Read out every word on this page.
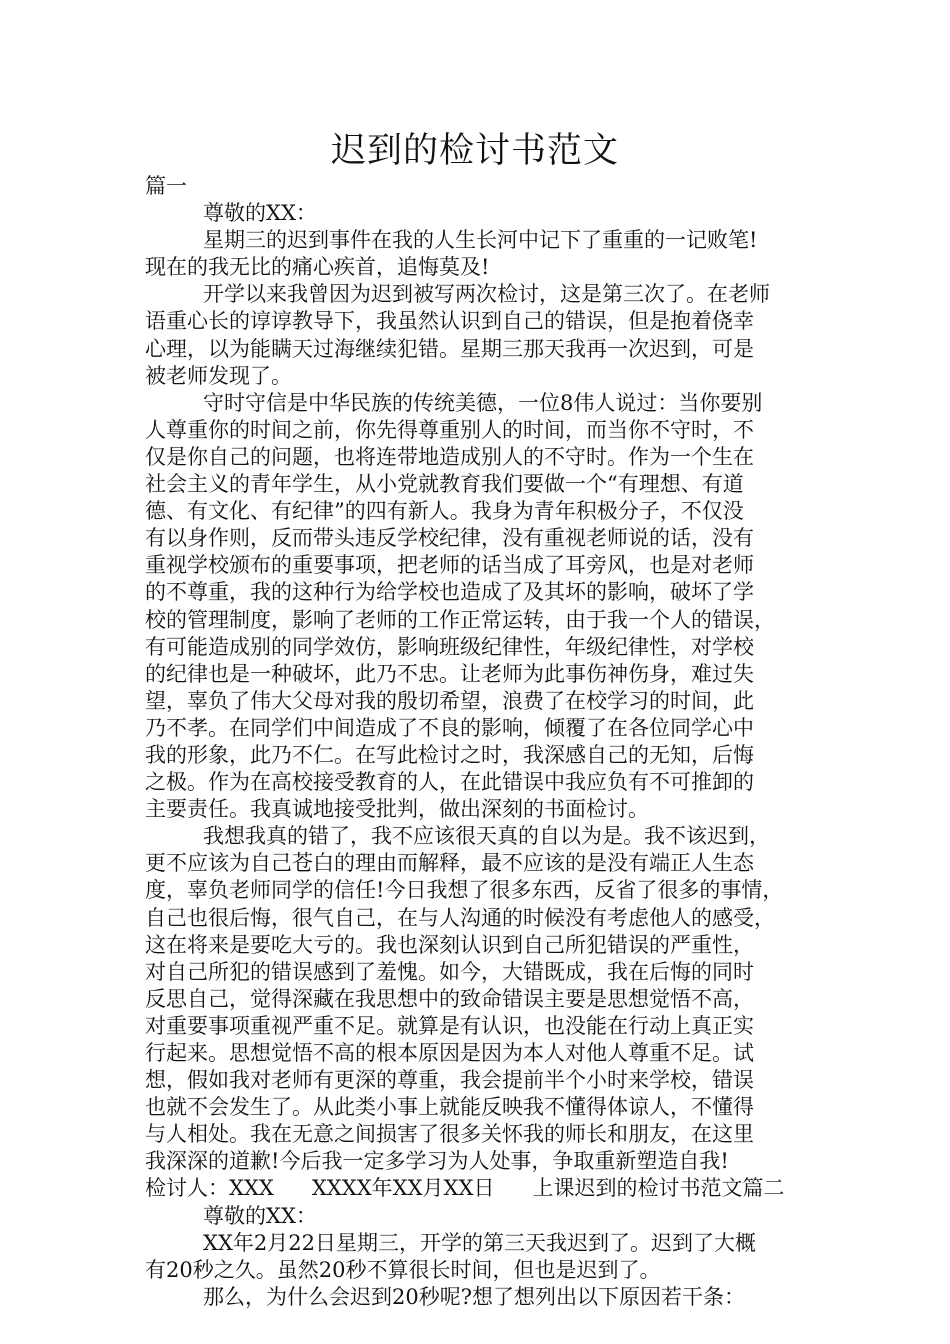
迟到的检讨书范文
篇一
尊敬的XX：
星期三的迟到事件在我的人生长河中记下了重重的一记败笔!
现在的我无比的痛心疾首，追悔莫及!
开学以来我曾因为迟到被写两次检讨，这是第三次了。在老师
语重心长的谆谆教导下，我虽然认识到自己的错误，但是抱着侥幸
心理，以为能瞒天过海继续犯错。星期三那天我再一次迟到，可是
被老师发现了。
守时守信是中华民族的传统美德，一位8伟人说过：当你要别
人尊重你的时间之前，你先得尊重别人的时间，而当你不守时，不
仅是你自己的问题，也将连带地造成别人的不守时。作为一个生在
社会主义的青年学生，从小党就教育我们要做一个“有理想、有道
德、有文化、有纪律”的四有新人。我身为青年积极分子，不仅没
有以身作则，反而带头违反学校纪律，没有重视老师说的话，没有
重视学校颁布的重要事项，把老师的话当成了耳旁风，也是对老师
的不尊重，我的这种行为给学校也造成了及其坏的影响，破坏了学
校的管理制度，影响了老师的工作正常运转，由于我一个人的错误，
有可能造成别的同学效仿，影响班级纪律性，年级纪律性，对学校
的纪律也是一种破坏，此乃不忠。让老师为此事伤神伤身，难过失
望，辜负了伟大父母对我的殷切希望，浪费了在校学习的时间，此
乃不孝。在同学们中间造成了不良的影响，倾覆了在各位同学心中
我的形象，此乃不仁。在写此检讨之时，我深感自己的无知，后悔
之极。作为在高校接受教育的人，在此错误中我应负有不可推卸的
主要责任。我真诚地接受批判，做出深刻的书面检讨。
我想我真的错了，我不应该很天真的自以为是。我不该迟到，
更不应该为自己苍白的理由而解释，最不应该的是没有端正人生态
度，辜负老师同学的信任!今日我想了很多东西，反省了很多的事情，
自己也很后悔，很气自己，在与人沟通的时候没有考虑他人的感受，
这在将来是要吃大亏的。我也深刻认识到自己所犯错误的严重性，
对自己所犯的错误感到了羞愧。如今，大错既成，我在后悔的同时
反思自己，觉得深藏在我思想中的致命错误主要是思想觉悟不高，
对重要事项重视严重不足。就算是有认识，也没能在行动上真正实
行起来。思想觉悟不高的根本原因是因为本人对他人尊重不足。试
想，假如我对老师有更深的尊重，我会提前半个小时来学校，错误
也就不会发生了。从此类小事上就能反映我不懂得体谅人，不懂得
与人相处。我在无意之间损害了很多关怀我的师长和朋友，在这里
我深深的道歉!今后我一定多学习为人处事，争取重新塑造自我!
检讨人：XXX XXXX年XX月XX日 上课迟到的检讨书范文篇二
尊敬的XX：
XX年2月22日星期三，开学的第三天我迟到了。迟到了大概
有20秒之久。虽然20秒不算很长时间，但也是迟到了。
那么，为什么会迟到20秒呢?想了想列出以下原因若干条：
